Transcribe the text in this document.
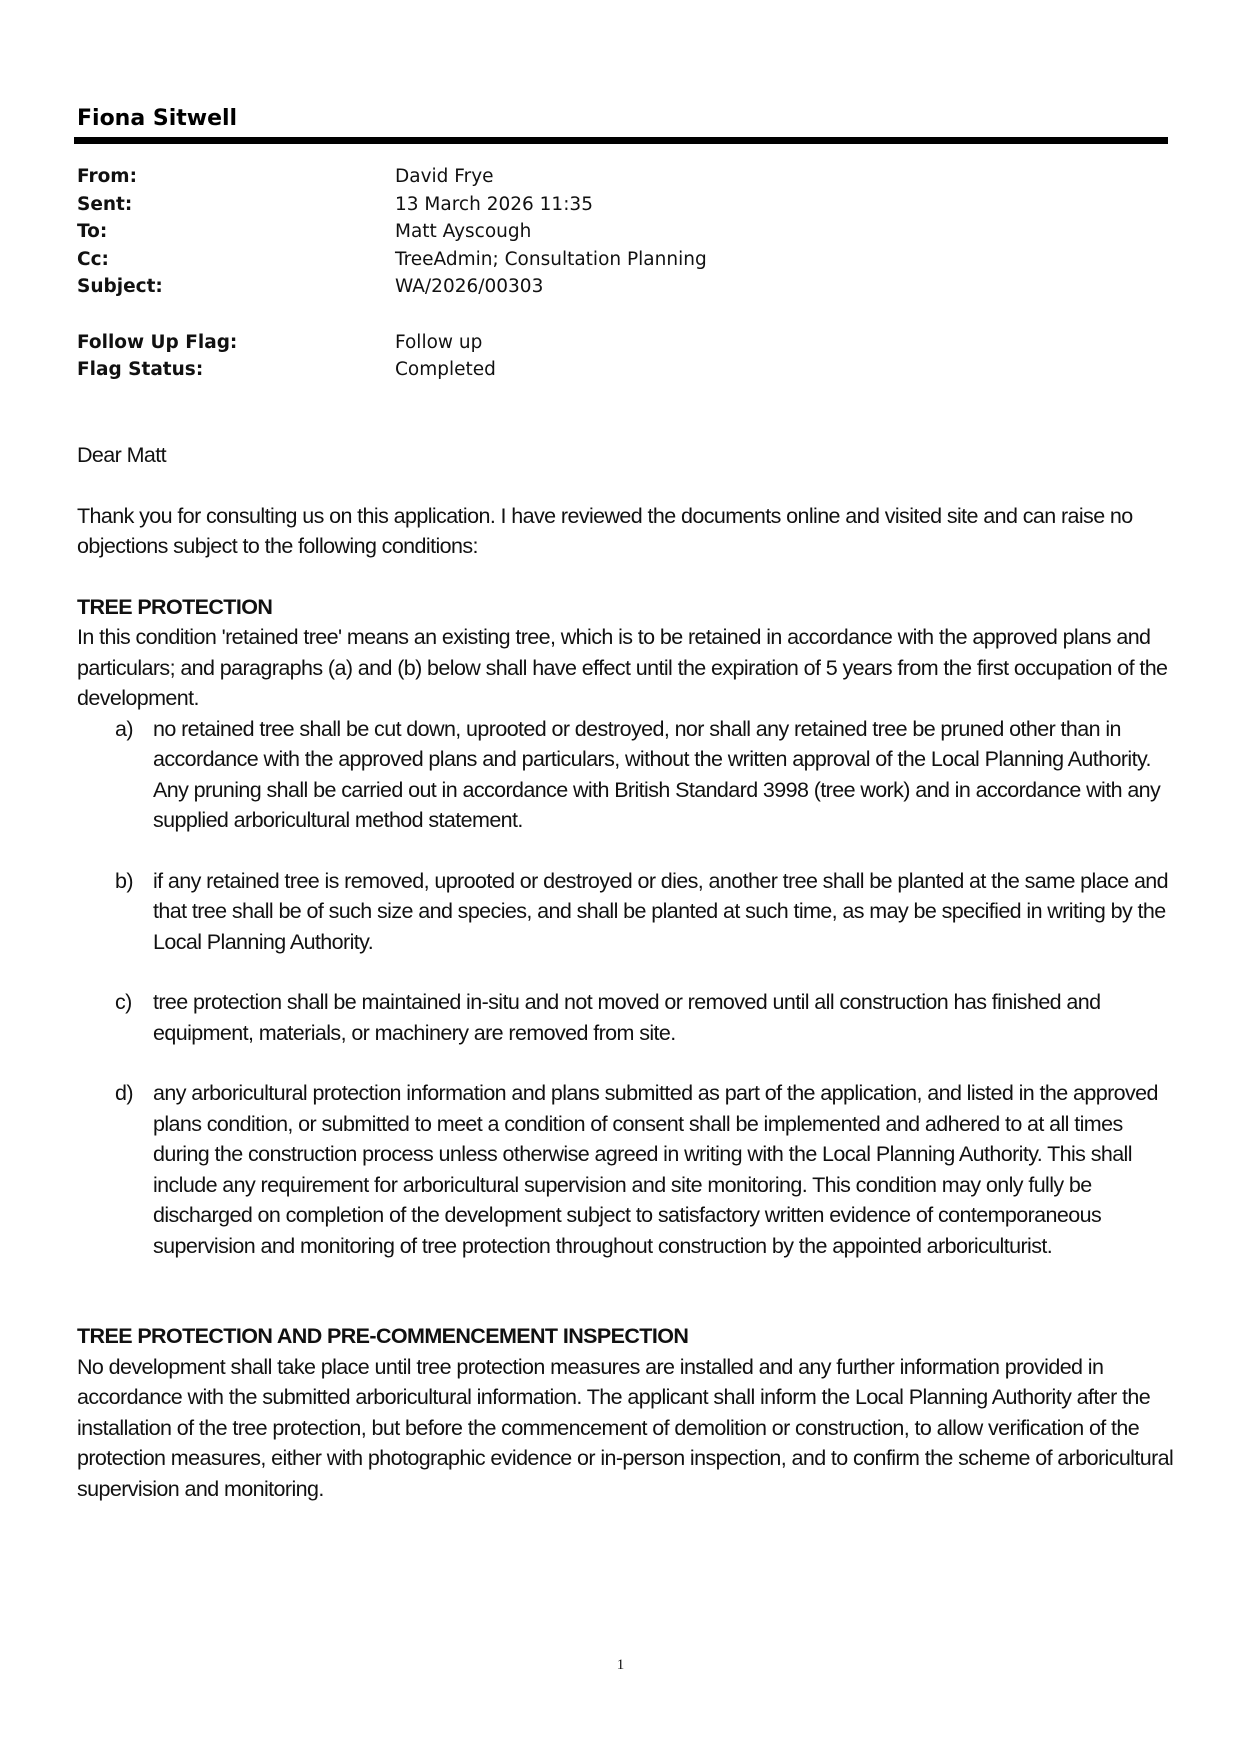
Fiona Sitwell
From:	David Frye
Sent:	13 March 2026 11:35
To:	Matt Ayscough
Cc:	TreeAdmin; Consultation Planning
Subject:	WA/2026/00303
Follow Up Flag:	Follow up
Flag Status:	Completed

Dear Matt

Thank you for consulting us on this application. I have reviewed the documents online and visited site and can raise no objections subject to the following conditions:

TREE PROTECTION

In this condition 'retained tree' means an existing tree, which is to be retained in accordance with the approved plans and particulars; and paragraphs (a) and (b) below shall have effect until the expiration of 5 years from the first occupation of the development.

a) no retained tree shall be cut down, uprooted or destroyed, nor shall any retained tree be pruned other than in accordance with the approved plans and particulars, without the written approval of the Local Planning Authority. Any pruning shall be carried out in accordance with British Standard 3998 (tree work) and in accordance with any supplied arboricultural method statement.
b) if any retained tree is removed, uprooted or destroyed or dies, another tree shall be planted at the same place and that tree shall be of such size and species, and shall be planted at such time, as may be specified in writing by the Local Planning Authority.
c) tree protection shall be maintained in-situ and not moved or removed until all construction has finished and equipment, materials, or machinery are removed from site.
d) any arboricultural protection information and plans submitted as part of the application, and listed in the approved plans condition, or submitted to meet a condition of consent shall be implemented and adhered to at all times during the construction process unless otherwise agreed in writing with the Local Planning Authority. This shall include any requirement for arboricultural supervision and site monitoring. This condition may only fully be discharged on completion of the development subject to satisfactory written evidence of contemporaneous supervision and monitoring of tree protection throughout construction by the appointed arboriculturist.

TREE PROTECTION AND PRE-COMMENCEMENT INSPECTION

No development shall take place until tree protection measures are installed and any further information provided in accordance with the submitted arboricultural information. The applicant shall inform the Local Planning Authority after the installation of the tree protection, but before the commencement of demolition or construction, to allow verification of the protection measures, either with photographic evidence or in-person inspection, and to confirm the scheme of arboricultural supervision and monitoring.

1
